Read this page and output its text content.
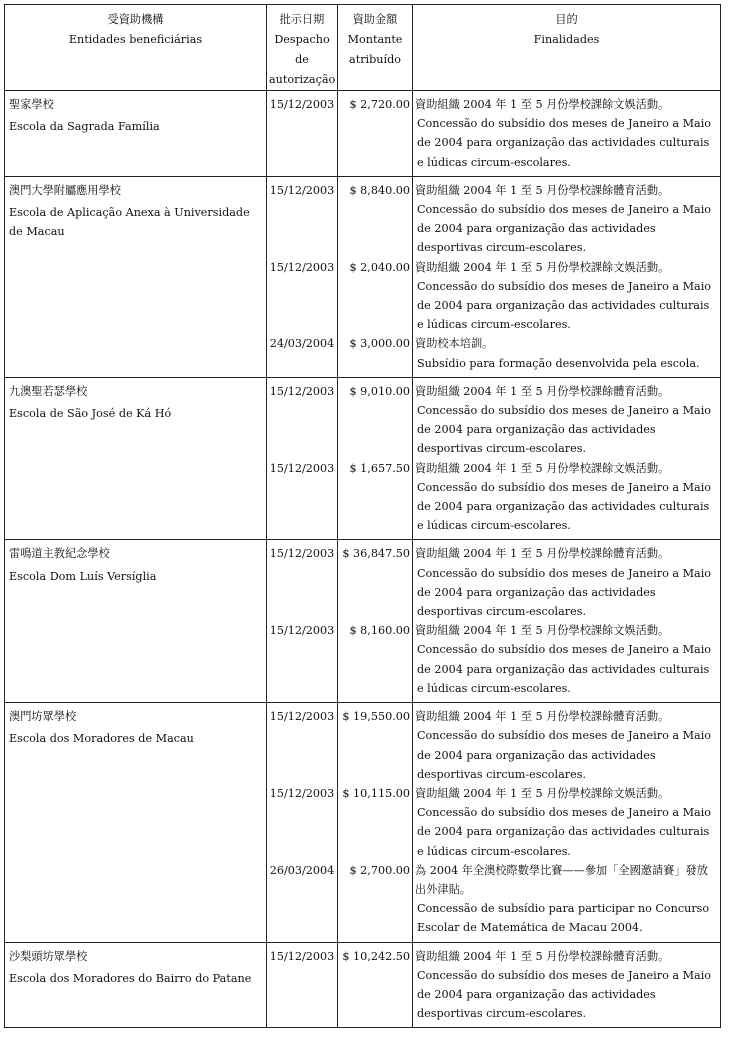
受資助機構
Entidades beneficiárias	批示日期
Despacho de
autorização	資助金額
Montante
atribuído	目的
Finalidades

聖家學校
Escola da Sagrada Família	15/12/2003	$ 2,720.00	資助組織 2004 年 1 至 5 月份學校課餘文娛活動。
Concessão do subsídio dos meses de Janeiro a Maio de 2004 para organização das actividades culturais e lúdicas circum-escolares.

澳門大學附屬應用學校
Escola de Aplicação Anexa à Universidade de Macau	15/12/2003	$ 8,840.00	資助組織 2004 年 1 至 5 月份學校課餘體育活動。
Concessão do subsídio dos meses de Janeiro a Maio de 2004 para organização das actividades desportivas circum-escolares.

	15/12/2003	$ 2,040.00	資助組織 2004 年 1 至 5 月份學校課餘文娛活動。
Concessão do subsídio dos meses de Janeiro a Maio de 2004 para organização das actividades culturais e lúdicas circum-escolares.

	24/03/2004	$ 3,000.00	資助校本培訓。
Subsídio para formação desenvolvida pela escola.

九澳聖若瑟學校
Escola de São José de Ká Hó	15/12/2003	$ 9,010.00	資助組織 2004 年 1 至 5 月份學校課餘體育活動。
Concessão do subsídio dos meses de Janeiro a Maio de 2004 para organização das actividades desportivas circum-escolares.

	15/12/2003	$ 1,657.50	資助組織 2004 年 1 至 5 月份學校課餘文娛活動。
Concessão do subsídio dos meses de Janeiro a Maio de 2004 para organização das actividades culturais e lúdicas circum-escolares.

雷鳴道主教紀念學校
Escola Dom Luís Versíglia	15/12/2003	$ 36,847.50	資助組織 2004 年 1 至 5 月份學校課餘體育活動。
Concessão do subsídio dos meses de Janeiro a Maio de 2004 para organização das actividades desportivas circum-escolares.

	15/12/2003	$ 8,160.00	資助組織 2004 年 1 至 5 月份學校課餘文娛活動。
Concessão do subsídio dos meses de Janeiro a Maio de 2004 para organização das actividades culturais e lúdicas circum-escolares.

澳門坊眾學校
Escola dos Moradores de Macau	15/12/2003	$ 19,550.00	資助組織 2004 年 1 至 5 月份學校課餘體育活動。
Concessão do subsídio dos meses de Janeiro a Maio de 2004 para organização das actividades desportivas circum-escolares.

	15/12/2003	$ 10,115.00	資助組織 2004 年 1 至 5 月份學校課餘文娛活動。
Concessão do subsídio dos meses de Janeiro a Maio de 2004 para organização das actividades culturais e lúdicas circum-escolares.

	26/03/2004	$ 2,700.00	為 2004 年全澳校際數學比賽——參加「全國邀請賽」發放出外津貼。
Concessão de subsídio para participar no Concurso Escolar de Matemática de Macau 2004.

沙梨頭坊眾學校
Escola dos Moradores do Bairro do Patane	15/12/2003	$ 10,242.50	資助組織 2004 年 1 至 5 月份學校課餘體育活動。
Concessão do subsídio dos meses de Janeiro a Maio de 2004 para organização das actividades desportivas circum-escolares.
